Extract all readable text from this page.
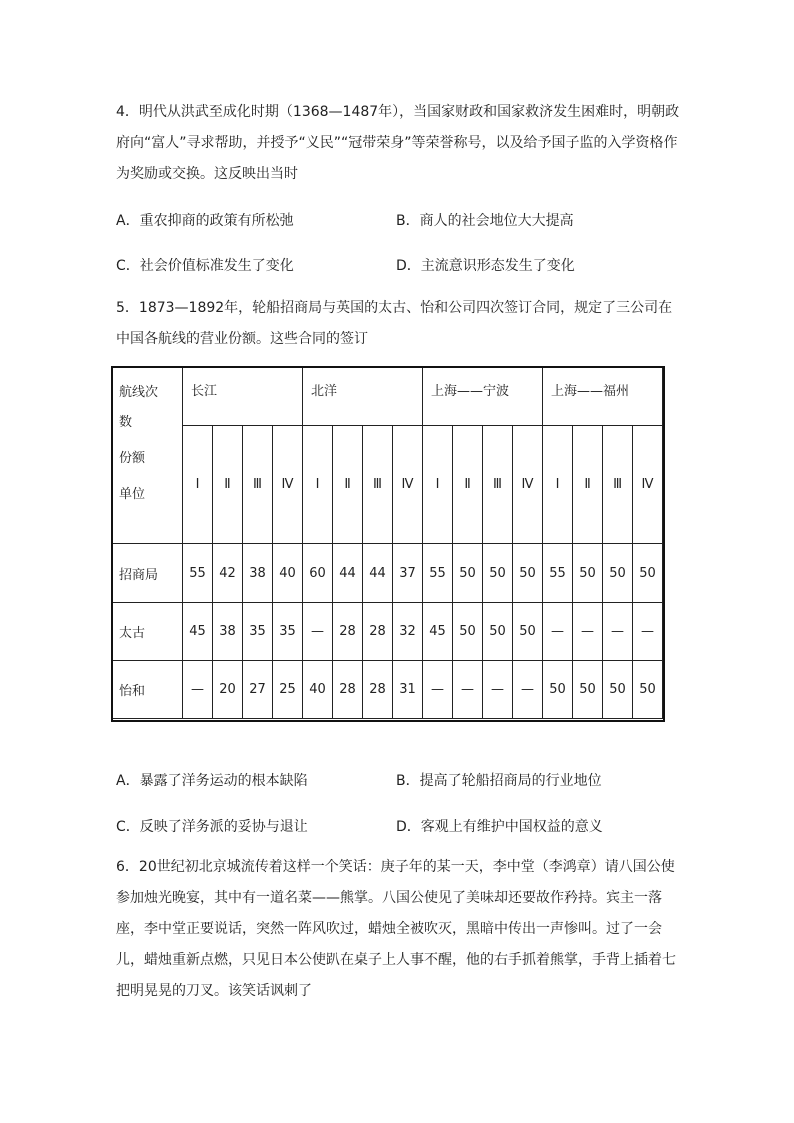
4．明代从洪武至成化时期（1368—1487年），当国家财政和国家救济发生困难时，明朝政府向“富人”寻求帮助，并授予“义民”“冠带荣身”等荣誉称号，以及给予国子监的入学资格作为奖励或交换。这反映出当时
A．重农抑商的政策有所松弛	B．商人的社会地位大大提高
C．社会价值标准发生了变化	D．主流意识形态发生了变化
5．1873—1892年，轮船招商局与英国的太古、怡和公司四次签订合同，规定了三公司在中国各航线的营业份额。这些合同的签订
航线次
数
份额
单位	长江				北洋				上海——宁波				上海——福州			
	Ⅰ	Ⅱ	Ⅲ	Ⅳ	Ⅰ	Ⅱ	Ⅲ	Ⅳ	Ⅰ	Ⅱ	Ⅲ	Ⅳ	Ⅰ	Ⅱ	Ⅲ	Ⅳ
招商局	55	42	38	40	60	44	44	37	55	50	50	50	55	50	50	50
太古	45	38	35	35	—	28	28	32	45	50	50	50	—	—	—	—
怡和	—	20	27	25	40	28	28	31	—	—	—	—	50	50	50	50
A．暴露了洋务运动的根本缺陷	B．提高了轮船招商局的行业地位
C．反映了洋务派的妥协与退让	D．客观上有维护中国权益的意义
6．20世纪初北京城流传着这样一个笑话：庚子年的某一天，李中堂（李鸿章）请八国公使参加烛光晚宴，其中有一道名菜——熊掌。八国公使见了美味却还要故作矜持。宾主一落座，李中堂正要说话，突然一阵风吹过，蜡烛全被吹灭，黑暗中传出一声惨叫。过了一会儿，蜡烛重新点燃，只见日本公使趴在桌子上人事不醒，他的右手抓着熊掌，手背上插着七把明晃晃的刀叉。该笑话讽刺了
